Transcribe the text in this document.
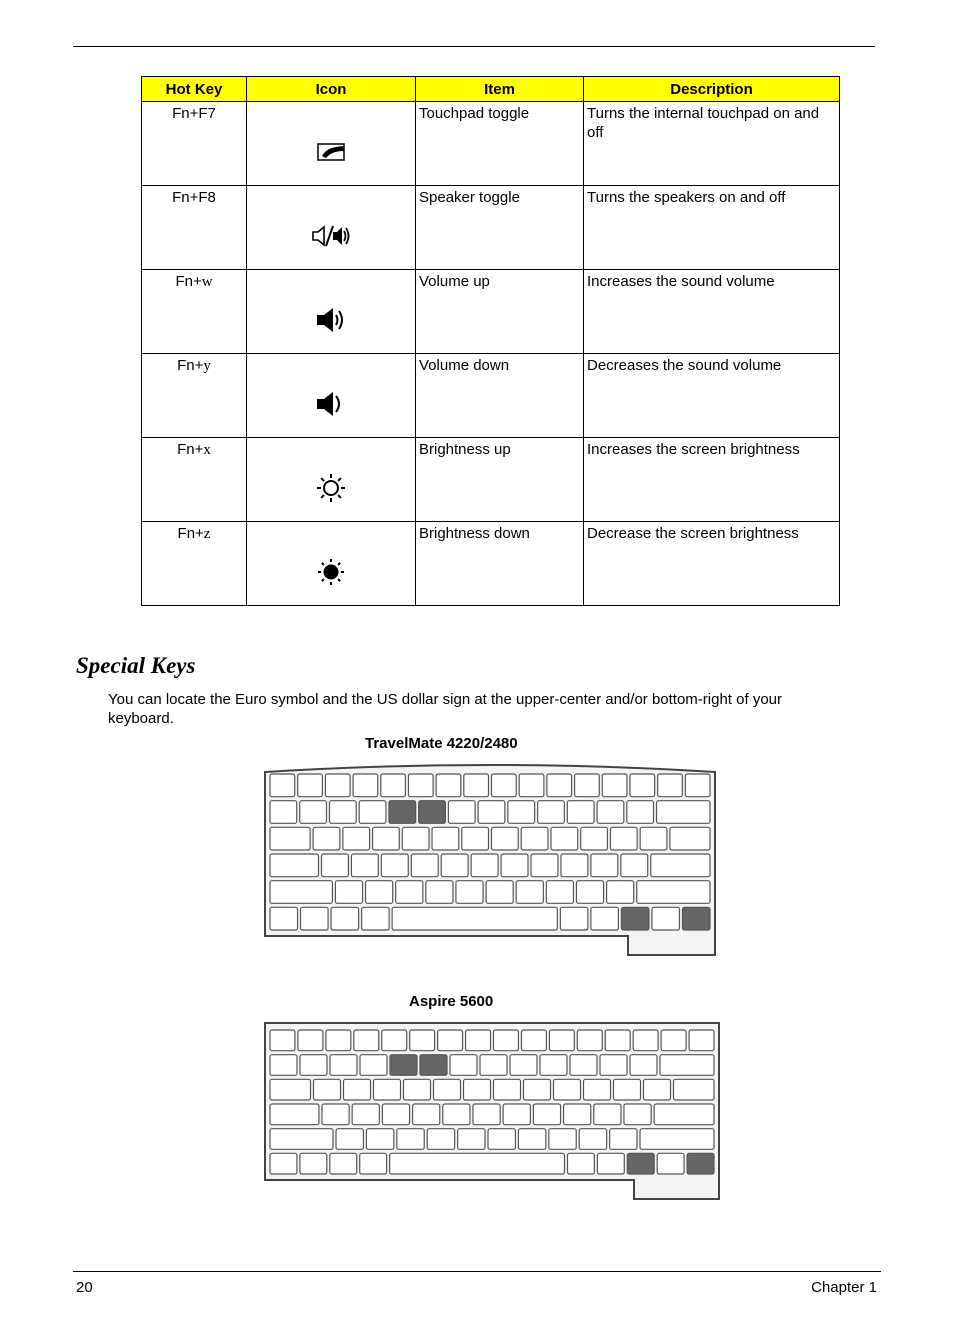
Hot Key	Icon	Item	Description
Fn+F7		Touchpad toggle	Turns the internal touchpad on and off
Fn+F8		Speaker toggle	Turns the speakers on and off
Fn+w		Volume up	Increases the sound volume
Fn+y		Volume down	Decreases the sound volume
Fn+x		Brightness up	Increases the screen brightness
Fn+z		Brightness down	Decrease the screen brightness
Special Keys

You can locate the Euro symbol and the US dollar sign at the upper-center and/or bottom-right of your keyboard.

TravelMate 4220/2480
Aspire 5600
20	Chapter 1
